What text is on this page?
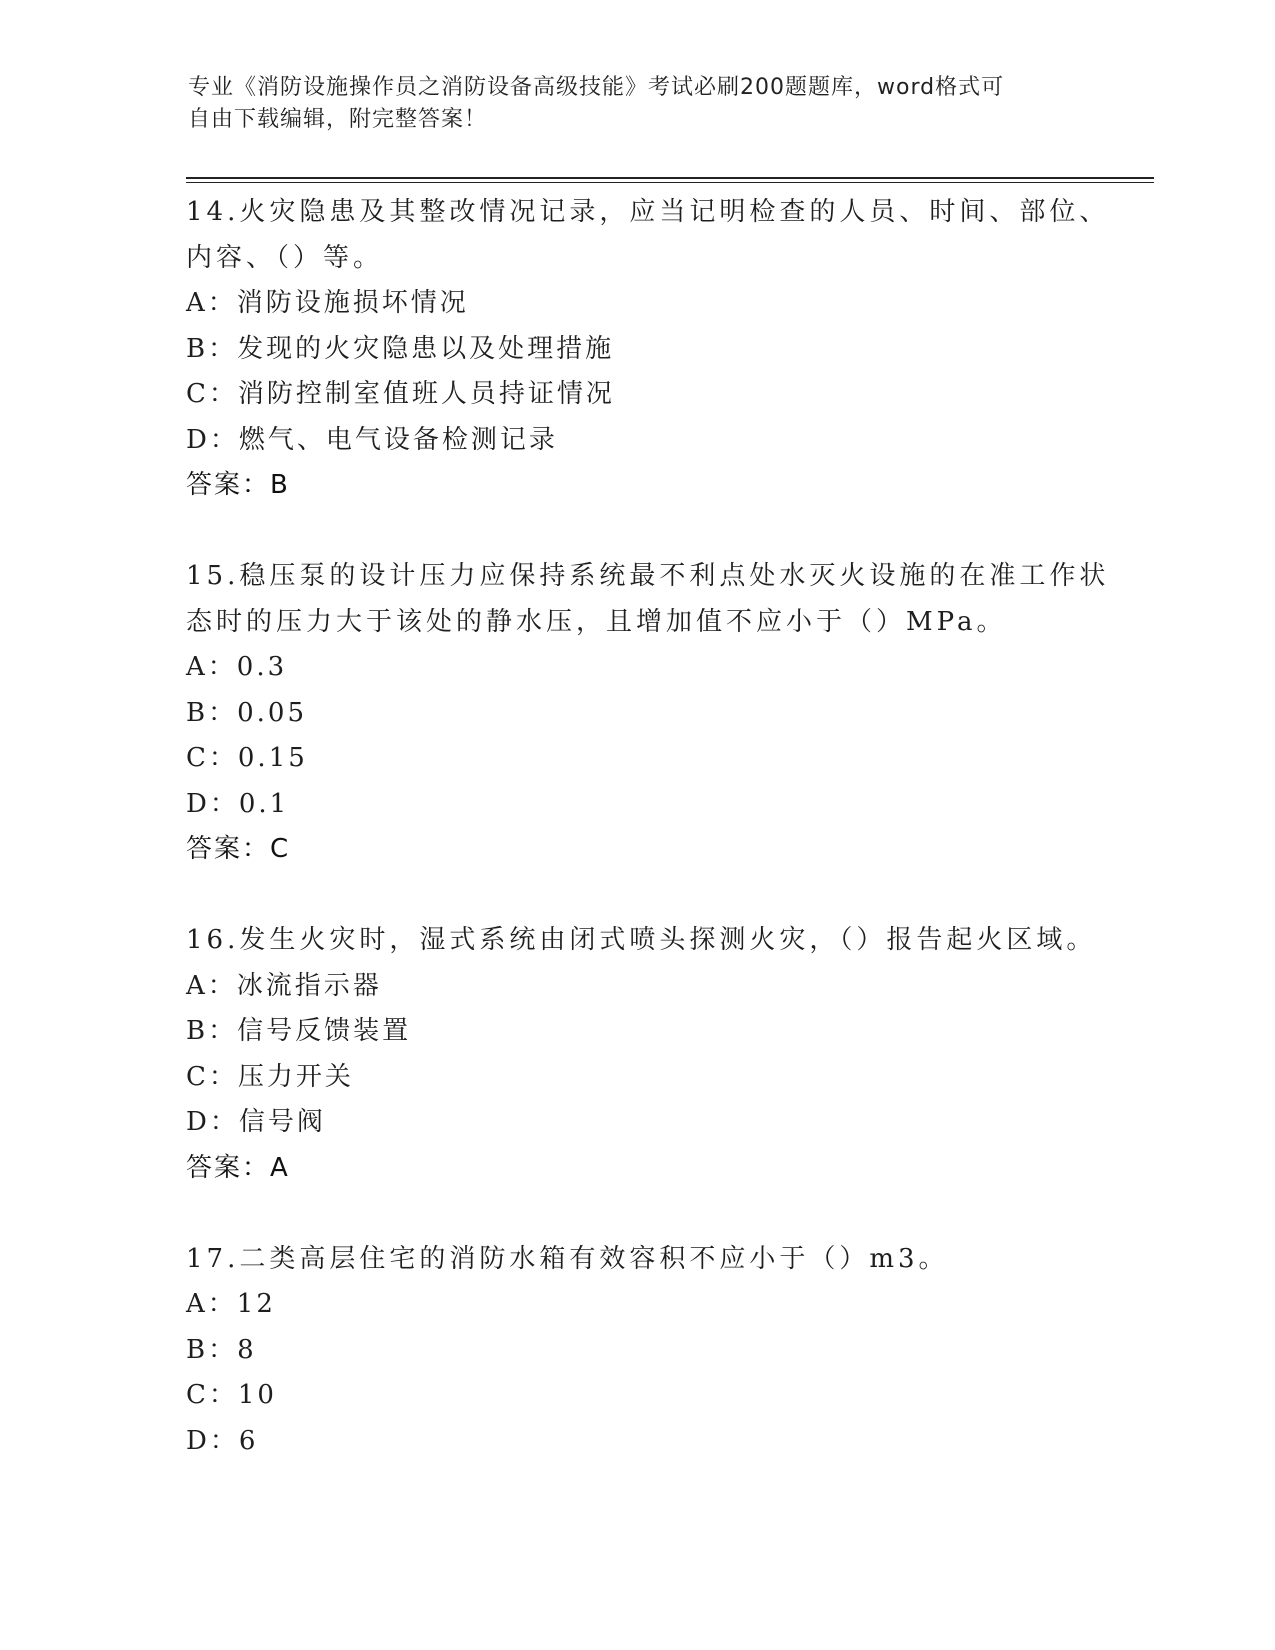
专业《消防设施操作员之消防设备高级技能》考试必刷200题题库，word格式可
自由下载编辑，附完整答案！
14.火灾隐患及其整改情况记录，应当记明检查的人员、时间、部位、
内容、（）等。
A：消防设施损坏情况
B：发现的火灾隐患以及处理措施
C：消防控制室值班人员持证情况
D：燃气、电气设备检测记录
答案：B
15.稳压泵的设计压力应保持系统最不利点处水灭火设施的在准工作状
态时的压力大于该处的静水压，且增加值不应小于（）MPa。
A：0.3
B：0.05
C：0.15
D：0.1
答案：C
16.发生火灾时，湿式系统由闭式喷头探测火灾，（）报告起火区域。
A：冰流指示器
B：信号反馈装置
C：压力开关
D：信号阀
答案：A
17.二类高层住宅的消防水箱有效容积不应小于（）m3。
A：12
B：8
C：10
D：6
